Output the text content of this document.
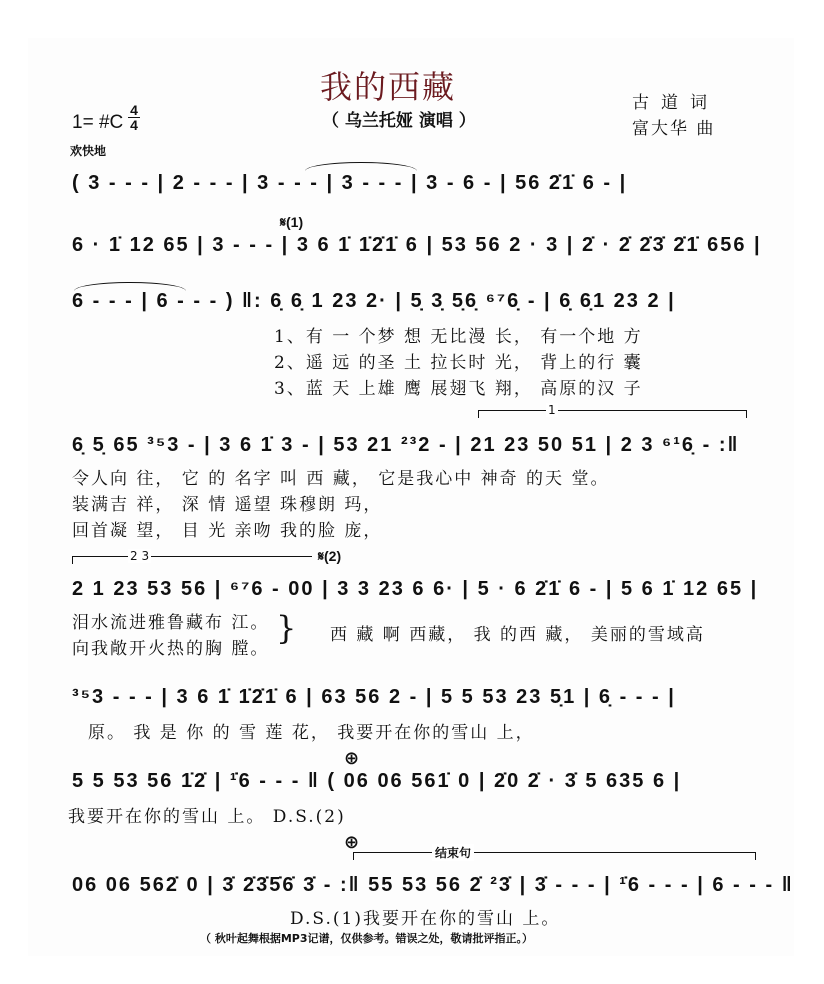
我的西藏
（ 乌兰托娅 演唱 ）
古道词
富大华 曲
1= #C
4
4
欢快地
( 3 - - - | 2 - - - | 3 - - - | 3 - - - | 3 - 6 - | 56 2̇1̇ 6 - |
𝄋(1)
6 · 1̇ 12 65 | 3 - - - | 3 6 1̇ 1̇2̇1̇ 6 | 53 56 2 · 3 | 2̇ · 2̇ 2̇3̇ 2̇1̇ 656 |
6 - - - | 6 - - - ) ‖: 6̣ 6̣ 1 23 2· | 5̣ 3̣ 5̣6̣ ⁶⁷6̣ - | 6̣ 6̣1 23 2 |
1、有 一 个梦 想 无比漫 长， 有一个地 方
2、遥 远 的圣 土 拉长时 光， 背上的行 囊
3、蓝 天 上雄 鹰 展翅飞 翔， 高原的汉 子
1
6̣ 5̣ 65 ³⁵3 - | 3 6 1̇ 3 - | 53 21 ²³2 - | 21 23 50 51 | 2 3 ⁶¹6̣ - :‖
令人向 往， 它 的 名字 叫 西 藏， 它是我心中 神奇 的天 堂。
装满吉 祥， 深 情 遥望 珠穆朗 玛，
回首凝 望， 目 光 亲吻 我的脸 庞，
2 3	𝄋(2)
2 1 23 53 56 | ⁶⁷6 - 00 | 3 3 23 6 6· | 5 · 6 2̇1̇ 6 - | 5 6 1̇ 12 65 |
泪水流进雅鲁藏布 江。
向我敞开火热的胸 膛。
} 西 藏 啊 西藏， 我 的西 藏， 美丽的雪域高
³⁵3 - - - | 3 6 1̇ 1̇2̇1̇ 6 | 63 56 2 - | 5 5 53 23 5̣1 | 6̣ - - - |
原。 我 是 你 的 雪 莲 花， 我要开在你的雪山 上，
⊕
5 5 53 56 1̇2̇ | ¹̇6 - - - ‖ ( 06 06 561̇ 0 | 2̇0 2̇ · 3̇ 5 635 6 |
我要开在你的雪山 上。 D.S.(2)
⊕
结束句
06 06 562̇ 0 | 3̇ 2̇3̇5̇6̇ 3̇ - :‖ 55 53 56 2̇ ²3̇ | 3̇ - - - | ¹̇6 - - - | 6 - - - ‖
D.S.(1)我要开在你的雪山 上。
（ 秋叶起舞根据MP3记谱，仅供参考。错误之处，敬请批评指正。）
